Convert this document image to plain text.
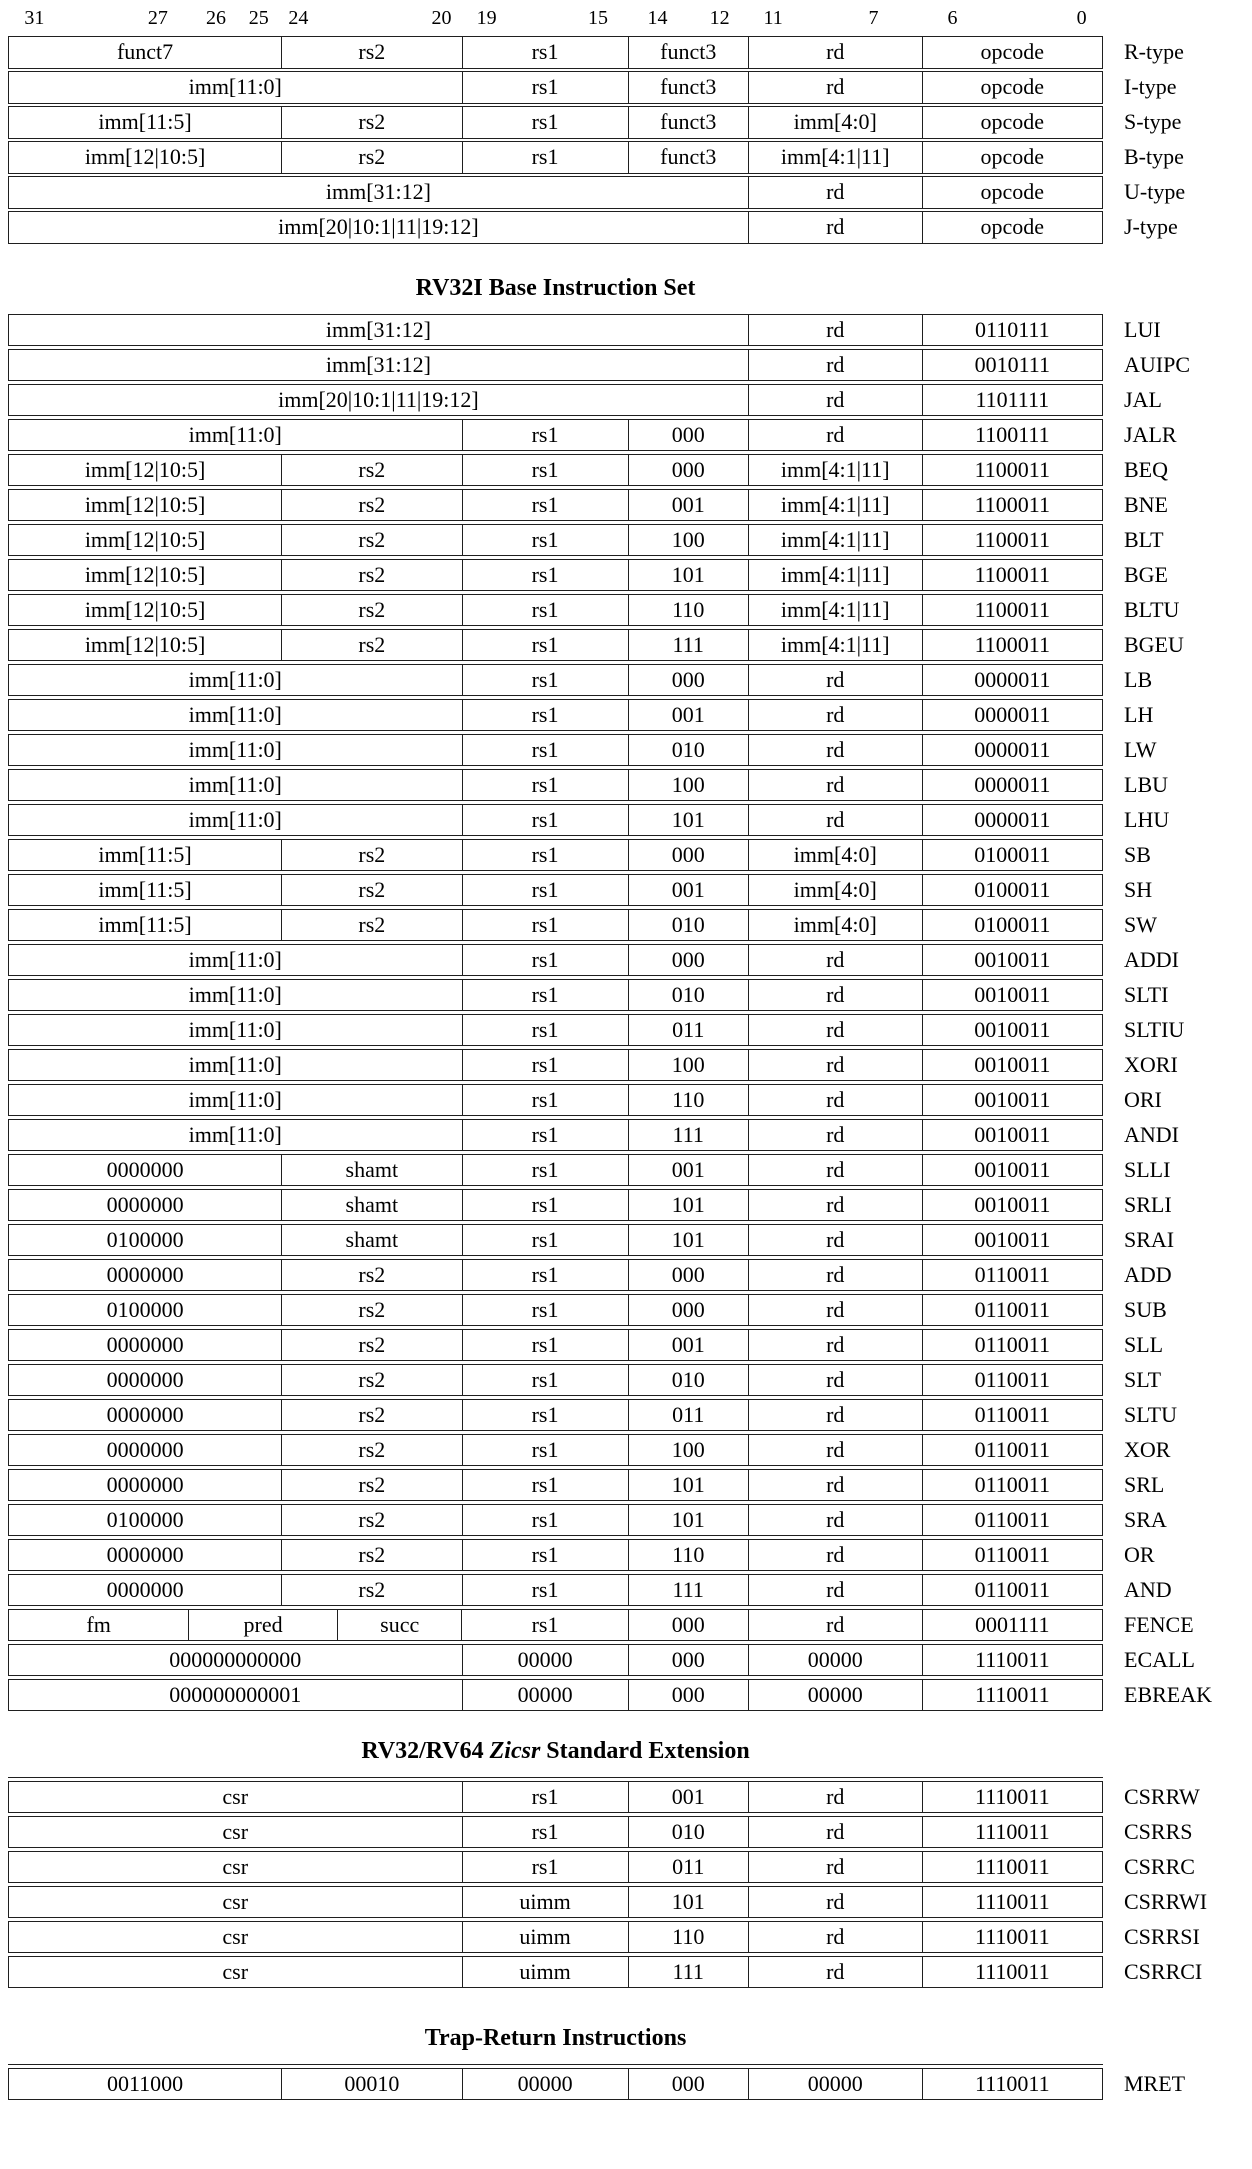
31	27 26 25 24	20 19	15 14 12 11	7	6	0
funct7	rs2	rs1	funct3	rd	opcode	R-type
imm[11:0]	rs1	funct3	rd	opcode	I-type
imm[11:5]	rs2	rs1	funct3	imm[4:0]	opcode	S-type
imm[12|10:5]	rs2	rs1	funct3	imm[4:1|11]	opcode	B-type
imm[31:12]	rd	opcode	U-type
imm[20|10:1|11|19:12]	rd	opcode	J-type
RV32I Base Instruction Set
imm[31:12]	rd	0110111	LUI
imm[31:12]	rd	0010111	AUIPC
imm[20|10:1|11|19:12]	rd	1101111	JAL
imm[11:0]	rs1	000	rd	1100111	JALR
imm[12|10:5]	rs2	rs1	000	imm[4:1|11]	1100011	BEQ
imm[12|10:5]	rs2	rs1	001	imm[4:1|11]	1100011	BNE
imm[12|10:5]	rs2	rs1	100	imm[4:1|11]	1100011	BLT
imm[12|10:5]	rs2	rs1	101	imm[4:1|11]	1100011	BGE
imm[12|10:5]	rs2	rs1	110	imm[4:1|11]	1100011	BLTU
imm[12|10:5]	rs2	rs1	111	imm[4:1|11]	1100011	BGEU
imm[11:0]	rs1	000	rd	0000011	LB
imm[11:0]	rs1	001	rd	0000011	LH
imm[11:0]	rs1	010	rd	0000011	LW
imm[11:0]	rs1	100	rd	0000011	LBU
imm[11:0]	rs1	101	rd	0000011	LHU
imm[11:5]	rs2	rs1	000	imm[4:0]	0100011	SB
imm[11:5]	rs2	rs1	001	imm[4:0]	0100011	SH
imm[11:5]	rs2	rs1	010	imm[4:0]	0100011	SW
imm[11:0]	rs1	000	rd	0010011	ADDI
imm[11:0]	rs1	010	rd	0010011	SLTI
imm[11:0]	rs1	011	rd	0010011	SLTIU
imm[11:0]	rs1	100	rd	0010011	XORI
imm[11:0]	rs1	110	rd	0010011	ORI
imm[11:0]	rs1	111	rd	0010011	ANDI
0000000	shamt	rs1	001	rd	0010011	SLLI
0000000	shamt	rs1	101	rd	0010011	SRLI
0100000	shamt	rs1	101	rd	0010011	SRAI
0000000	rs2	rs1	000	rd	0110011	ADD
0100000	rs2	rs1	000	rd	0110011	SUB
0000000	rs2	rs1	001	rd	0110011	SLL
0000000	rs2	rs1	010	rd	0110011	SLT
0000000	rs2	rs1	011	rd	0110011	SLTU
0000000	rs2	rs1	100	rd	0110011	XOR
0000000	rs2	rs1	101	rd	0110011	SRL
0100000	rs2	rs1	101	rd	0110011	SRA
0000000	rs2	rs1	110	rd	0110011	OR
0000000	rs2	rs1	111	rd	0110011	AND
fm	pred	succ	rs1	000	rd	0001111	FENCE
000000000000	00000	000	00000	1110011	ECALL
000000000001	00000	000	00000	1110011	EBREAK
RV32/RV64 Zicsr Standard Extension
csr	rs1	001	rd	1110011	CSRRW
csr	rs1	010	rd	1110011	CSRRS
csr	rs1	011	rd	1110011	CSRRC
csr	uimm	101	rd	1110011	CSRRWI
csr	uimm	110	rd	1110011	CSRRSI
csr	uimm	111	rd	1110011	CSRRCI
Trap-Return Instructions
0011000	00010	00000	000	00000	1110011	MRET
